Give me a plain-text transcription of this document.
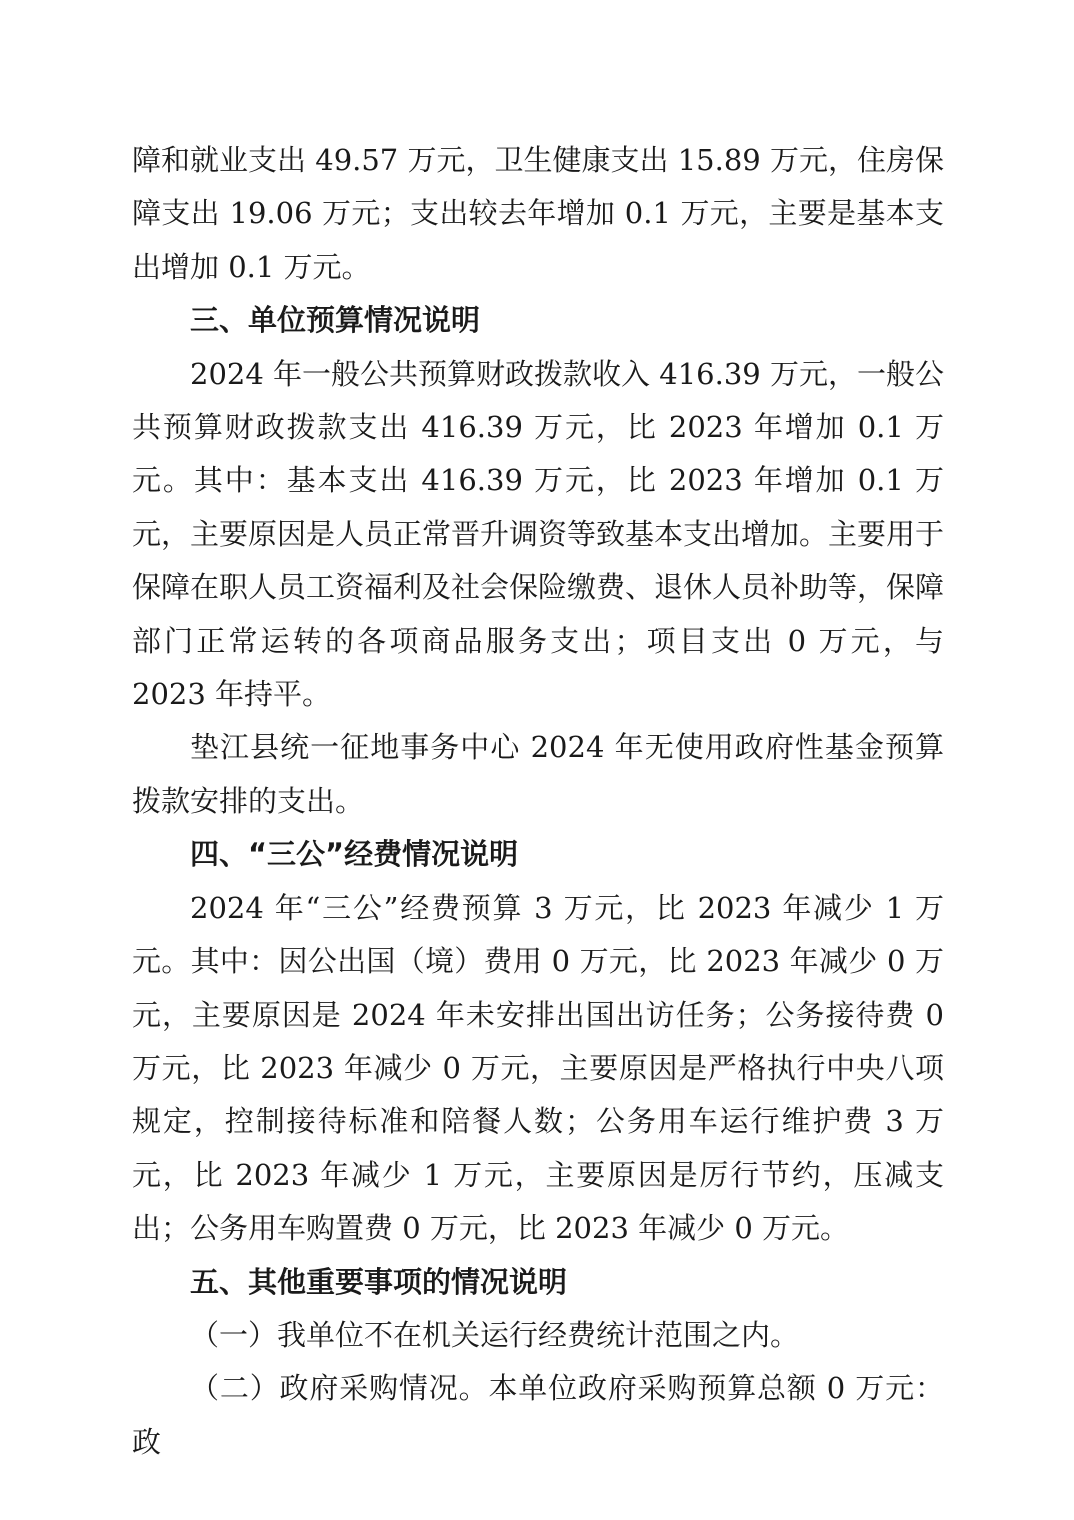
障和就业支出 49.57 万元，卫生健康支出 15.89 万元，住房保障支出 19.06 万元；支出较去年增加 0.1 万元，主要是基本支出增加 0.1 万元。

三、单位预算情况说明

2024 年一般公共预算财政拨款收入 416.39 万元，一般公共预算财政拨款支出 416.39 万元，比 2023 年增加 0.1 万元。其中：基本支出 416.39 万元，比 2023 年增加 0.1 万元，主要原因是人员正常晋升调资等致基本支出增加。主要用于保障在职人员工资福利及社会保险缴费、退休人员补助等，保障部门正常运转的各项商品服务支出；项目支出 0 万元，与 2023 年持平。

垫江县统一征地事务中心 2024 年无使用政府性基金预算拨款安排的支出。

四、“三公”经费情况说明

2024 年“三公”经费预算 3 万元，比 2023 年减少 1 万元。其中：因公出国（境）费用 0 万元，比 2023 年减少 0 万元，主要原因是 2024 年未安排出国出访任务；公务接待费 0 万元，比 2023 年减少 0 万元，主要原因是严格执行中央八项规定，控制接待标准和陪餐人数；公务用车运行维护费 3 万元，比 2023 年减少 1 万元，主要原因是厉行节约，压减支出；公务用车购置费 0 万元，比 2023 年减少 0 万元。

五、其他重要事项的情况说明

（一）我单位不在机关运行经费统计范围之内。

（二）政府采购情况。本单位政府采购预算总额 0 万元：政
